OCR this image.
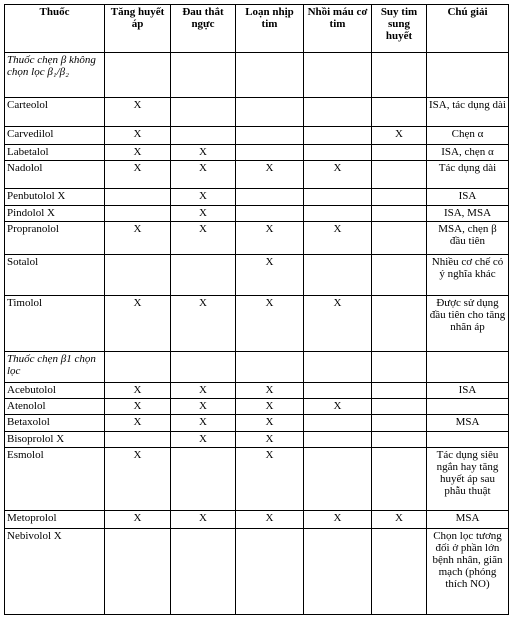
Thuốc	Tăng huyết áp	Đau thắt ngực	Loạn nhịp tim	Nhồi máu cơ tim	Suy tim sung huyết	Chú giải
Thuốc chẹn β không chọn lọc β₁/β₂						
Carteolol	X					ISA, tác dụng dài
Carvedilol	X				X	Chẹn α
Labetalol	X	X				ISA, chẹn α
Nadolol	X	X	X	X		Tác dụng dài
Penbutolol X		X				ISA
Pindolol X		X				ISA, MSA
Propranolol	X	X	X	X		MSA, chẹn β đầu tiên
Sotalol			X			Nhiều cơ chế có ý nghĩa khác
Timolol	X	X	X	X		Được sử dụng đầu tiên cho tăng nhãn áp
Thuốc chẹn β1 chọn lọc						
Acebutolol	X	X	X			ISA
Atenolol	X	X	X	X		
Betaxolol	X	X	X			MSA
Bisoprolol X		X	X			
Esmolol	X		X			Tác dụng siêu ngắn hay tăng huyết áp sau phẫu thuật
Metoprolol	X	X	X	X	X	MSA
Nebivolol X						Chọn lọc tương đối ở phần lớn bệnh nhân, giãn mạch (phóng thích NO)
